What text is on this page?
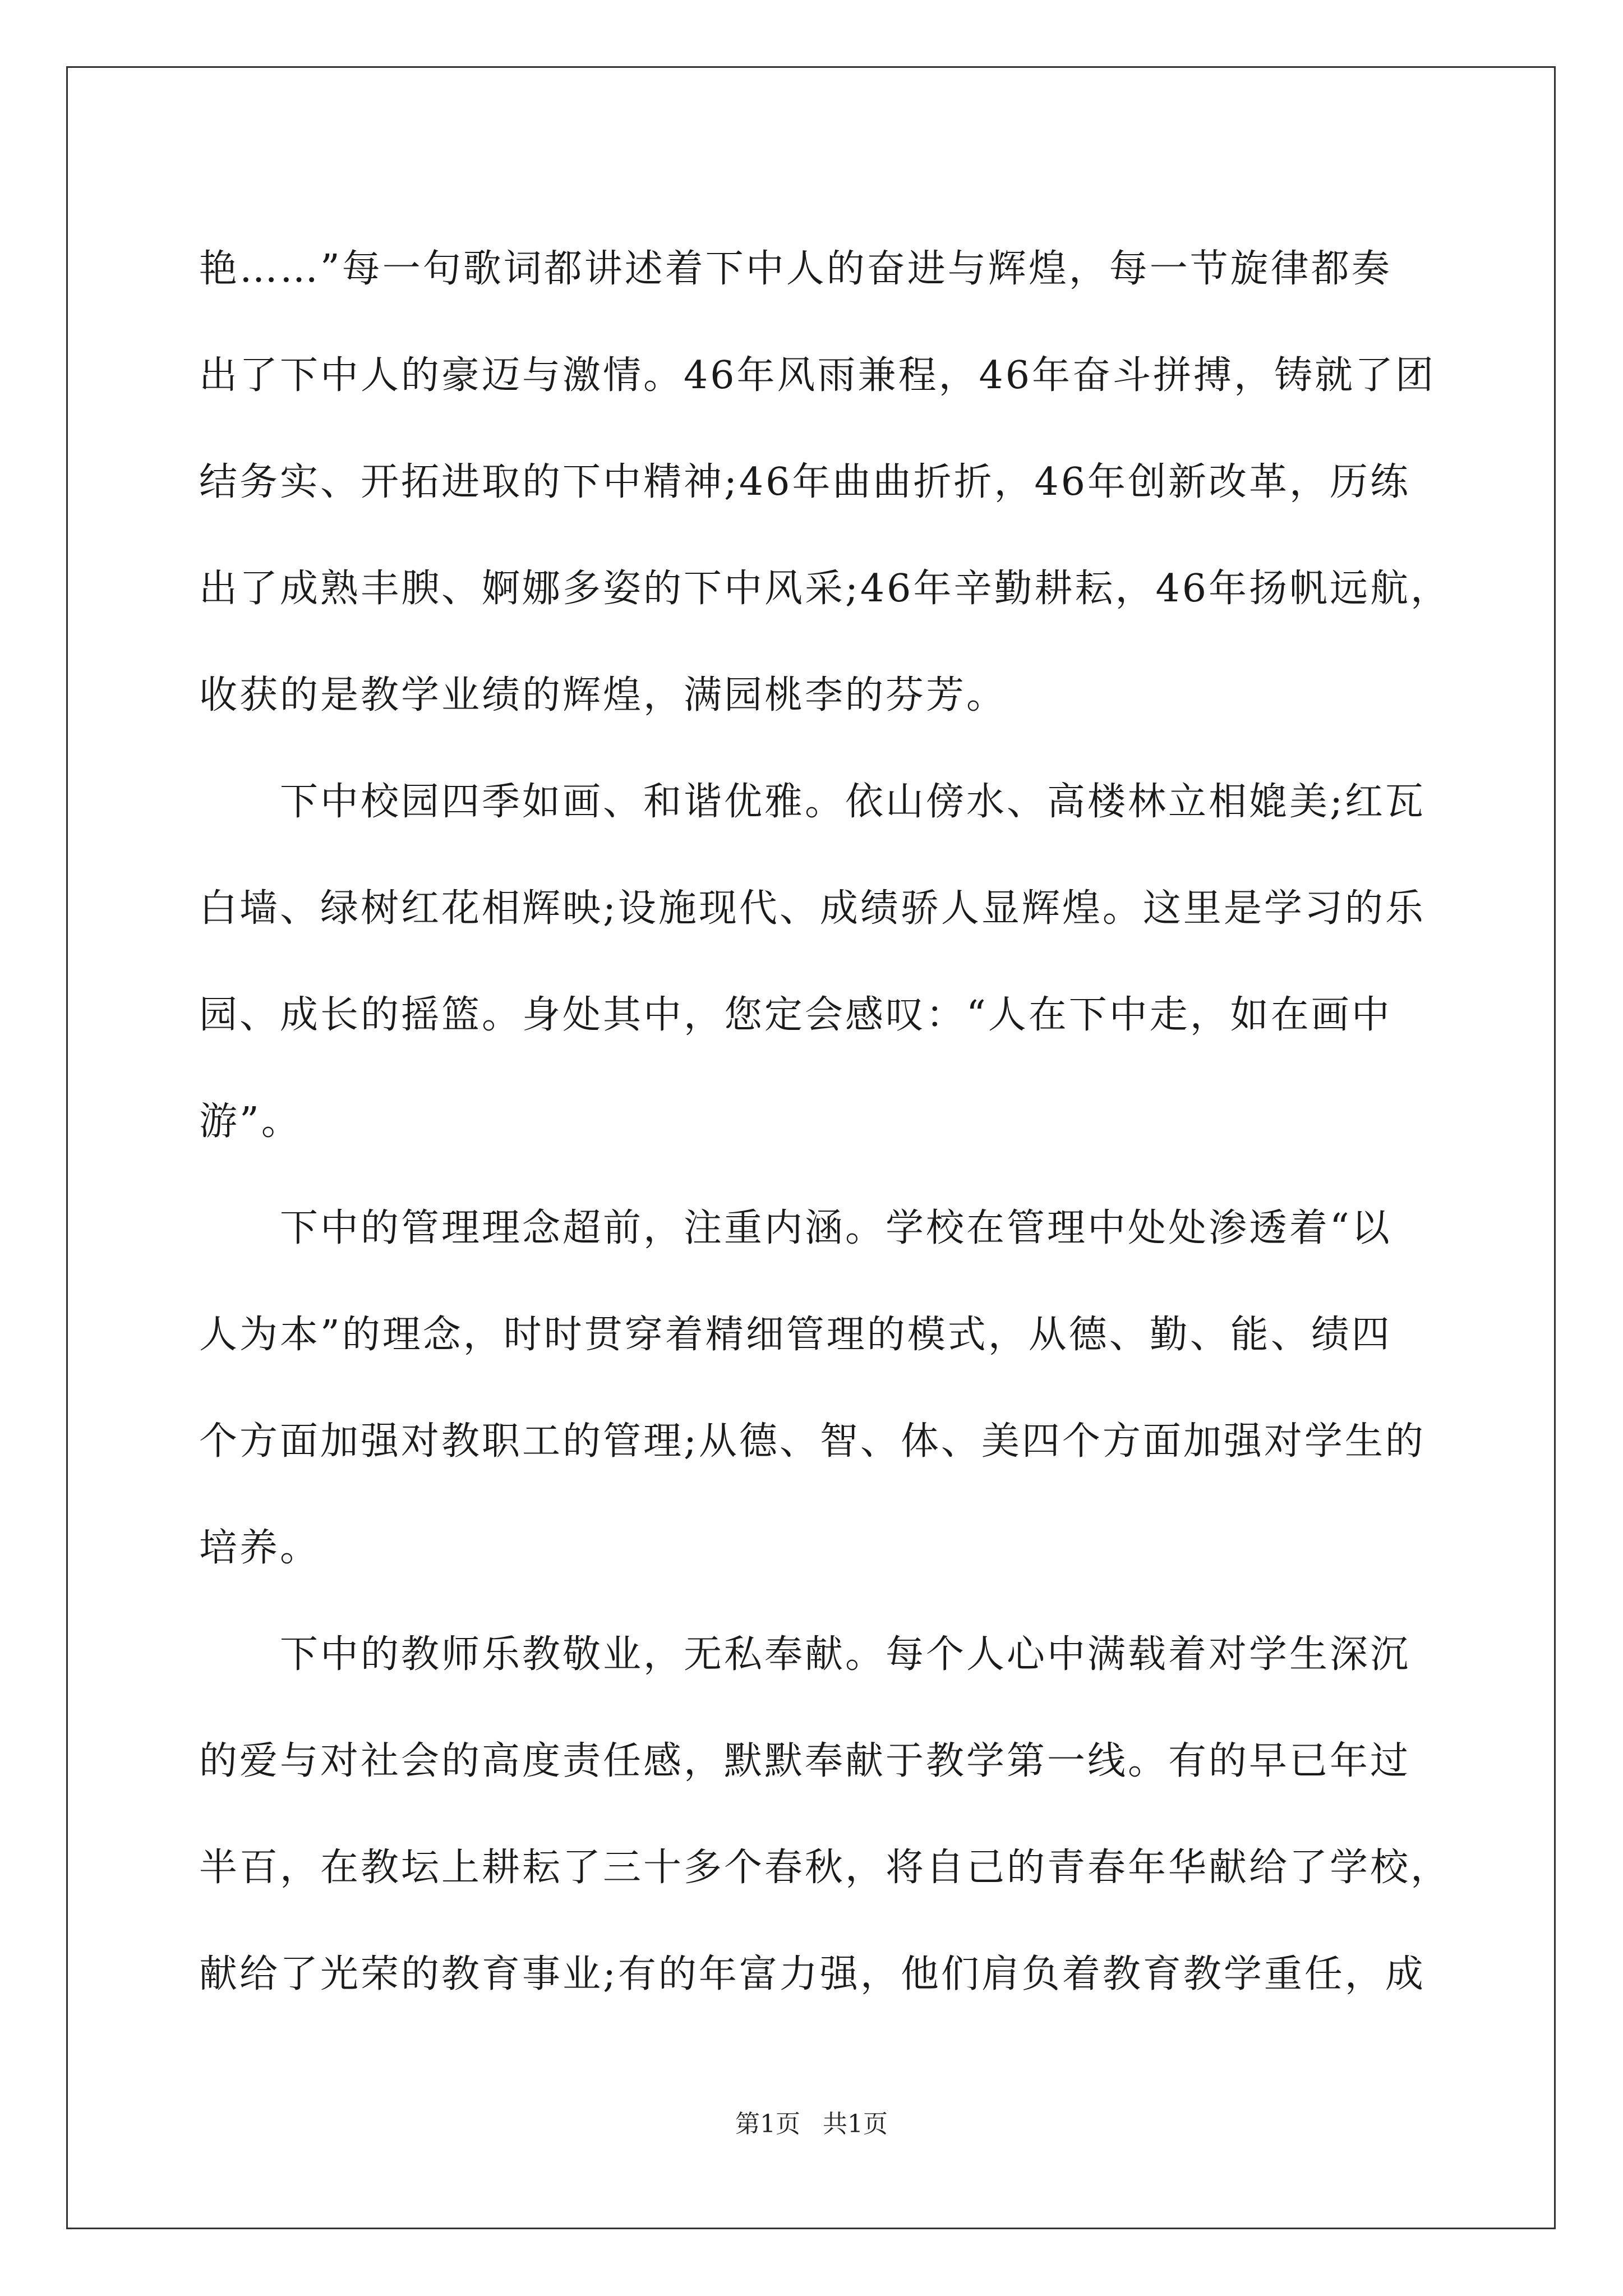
艳……”每一句歌词都讲述着下中人的奋进与辉煌，每一节旋律都奏
出了下中人的豪迈与激情。46年风雨兼程，46年奋斗拼搏，铸就了团
结务实、开拓进取的下中精神;46年曲曲折折，46年创新改革，历练
出了成熟丰腴、婀娜多姿的下中风采;46年辛勤耕耘，46年扬帆远航，
收获的是教学业绩的辉煌，满园桃李的芬芳。
　　下中校园四季如画、和谐优雅。依山傍水、高楼林立相媲美;红瓦
白墙、绿树红花相辉映;设施现代、成绩骄人显辉煌。这里是学习的乐
园、成长的摇篮。身处其中，您定会感叹：“人在下中走，如在画中
游”。
　　下中的管理理念超前，注重内涵。学校在管理中处处渗透着“以
人为本”的理念，时时贯穿着精细管理的模式，从德、勤、能、绩四
个方面加强对教职工的管理;从德、智、体、美四个方面加强对学生的
培养。
　　下中的教师乐教敬业，无私奉献。每个人心中满载着对学生深沉
的爱与对社会的高度责任感，默默奉献于教学第一线。有的早已年过
半百，在教坛上耕耘了三十多个春秋，将自己的青春年华献给了学校，
献给了光荣的教育事业;有的年富力强，他们肩负着教育教学重任，成
第1页 共1页
